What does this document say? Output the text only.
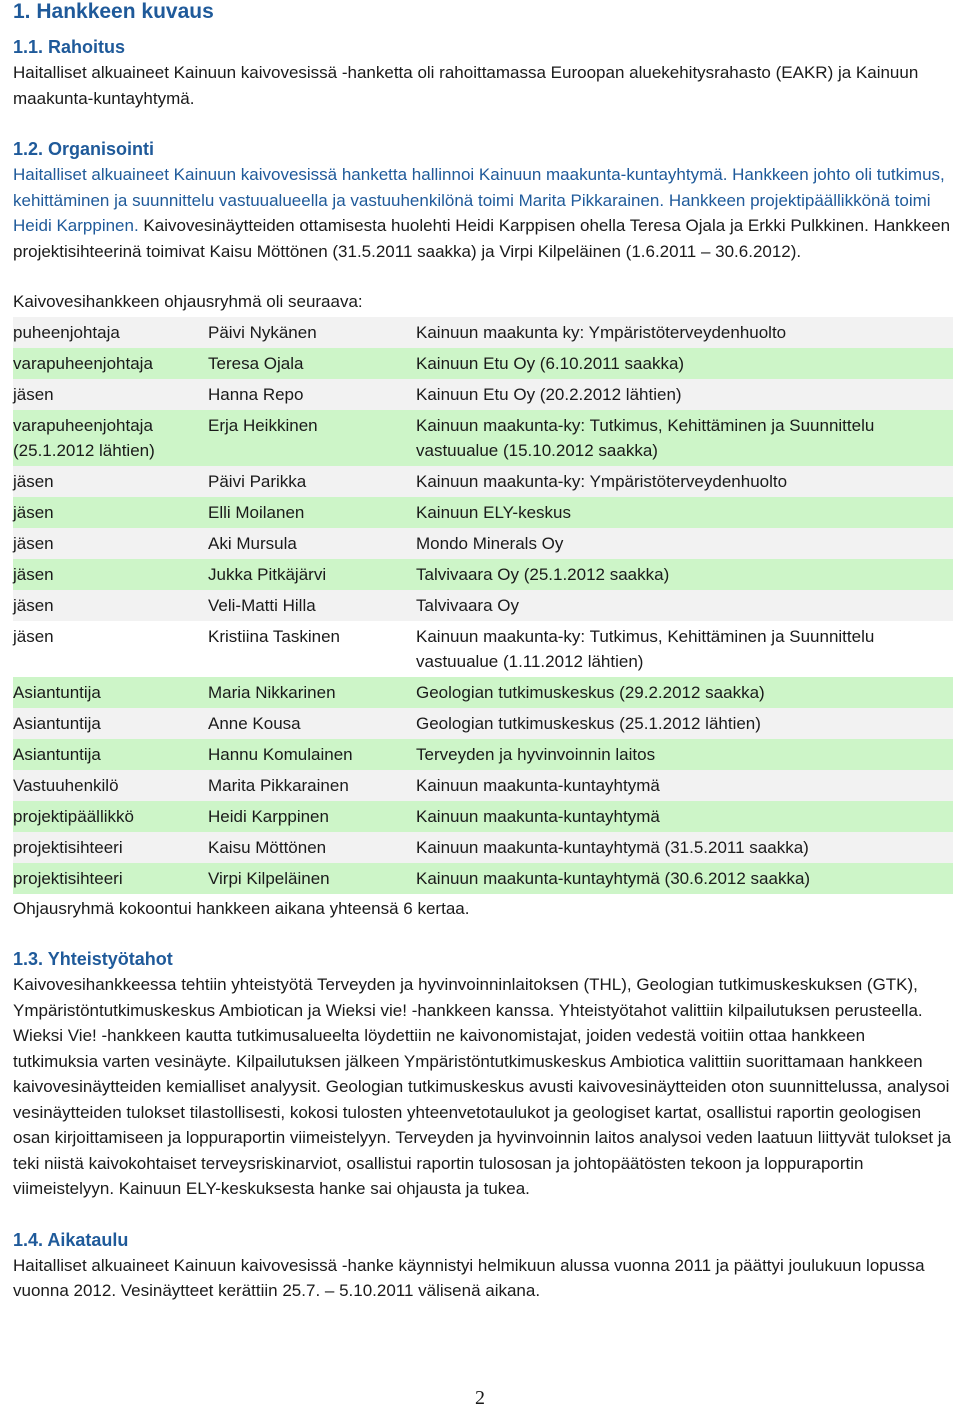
1. Hankkeen kuvaus
1.1. Rahoitus

Haitalliset alkuaineet Kainuun kaivovesissä -hanketta oli rahoittamassa Euroopan aluekehitysrahasto (EAKR) ja Kainuun maakunta-kuntayhtymä.

1.2. Organisointi

Haitalliset alkuaineet Kainuun kaivovesissä hanketta hallinnoi Kainuun maakunta-kuntayhtymä. Hankkeen johto oli tutkimus, kehittäminen ja suunnittelu vastuualueella ja vastuuhenkilönä toimi Marita Pikkarainen. Hankkeen projektipäällikkönä toimi Heidi Karppinen. Kaivovesinäytteiden ottamisesta huolehti Heidi Karppisen ohella Teresa Ojala ja Erkki Pulkkinen. Hankkeen projektisihteerinä toimivat Kaisu Möttönen (31.5.2011 saakka) ja Virpi Kilpeläinen (1.6.2011 – 30.6.2012).

Kaivovesihankkeen ohjausryhmä oli seuraava:

puheenjohtaja	Päivi Nykänen	Kainuun maakunta ky: Ympäristöterveydenhuolto
varapuheenjohtaja	Teresa Ojala	Kainuun Etu Oy (6.10.2011 saakka)
jäsen	Hanna Repo	Kainuun Etu Oy (20.2.2012 lähtien)
varapuheenjohtaja (25.1.2012 lähtien)	Erja Heikkinen	Kainuun maakunta-ky: Tutkimus, Kehittäminen ja Suunnittelu vastuualue (15.10.2012 saakka)
jäsen	Päivi Parikka	Kainuun maakunta-ky: Ympäristöterveydenhuolto
jäsen	Elli Moilanen	Kainuun ELY-keskus
jäsen	Aki Mursula	Mondo Minerals Oy
jäsen	Jukka Pitkäjärvi	Talvivaara Oy (25.1.2012 saakka)
jäsen	Veli-Matti Hilla	Talvivaara Oy
jäsen	Kristiina Taskinen	Kainuun maakunta-ky: Tutkimus, Kehittäminen ja Suunnittelu vastuualue (1.11.2012 lähtien)
Asiantuntija	Maria Nikkarinen	Geologian tutkimuskeskus (29.2.2012 saakka)
Asiantuntija	Anne Kousa	Geologian tutkimuskeskus (25.1.2012 lähtien)
Asiantuntija	Hannu Komulainen	Terveyden ja hyvinvoinnin laitos
Vastuuhenkilö	Marita Pikkarainen	Kainuun maakunta-kuntayhtymä
projektipäällikkö	Heidi Karppinen	Kainuun maakunta-kuntayhtymä
projektisihteeri	Kaisu Möttönen	Kainuun maakunta-kuntayhtymä (31.5.2011 saakka)
projektisihteeri	Virpi Kilpeläinen	Kainuun maakunta-kuntayhtymä (30.6.2012 saakka)

Ohjausryhmä kokoontui hankkeen aikana yhteensä 6 kertaa.

1.3. Yhteistyötahot

Kaivovesihankkeessa tehtiin yhteistyötä Terveyden ja hyvinvoinninlaitoksen (THL), Geologian tutkimuskeskuksen (GTK), Ympäristöntutkimuskeskus Ambiotican ja Wieksi vie! -hankkeen kanssa. Yhteistyötahot valittiin kilpailutuksen perusteella. Wieksi Vie! -hankkeen kautta tutkimusalueelta löydettiin ne kaivonomistajat, joiden vedestä voitiin ottaa hankkeen tutkimuksia varten vesinäyte. Kilpailutuksen jälkeen Ympäristöntutkimuskeskus Ambiotica valittiin suorittamaan hankkeen kaivovesinäytteiden kemialliset analyysit. Geologian tutkimuskeskus avusti kaivovesinäytteiden oton suunnittelussa, analysoi vesinäytteiden tulokset tilastollisesti, kokosi tulosten yhteenvetotaulukot ja geologiset kartat, osallistui raportin geologisen osan kirjoittamiseen ja loppuraportin viimeistelyyn. Terveyden ja hyvinvoinnin laitos analysoi veden laatuun liittyvät tulokset ja teki niistä kaivokohtaiset terveysriskinarviot, osallistui raportin tulososan ja johtopäätösten tekoon ja loppuraportin viimeistelyyn. Kainuun ELY-keskuksesta hanke sai ohjausta ja tukea.

1.4. Aikataulu

Haitalliset alkuaineet Kainuun kaivovesissä -hanke käynnistyi helmikuun alussa vuonna 2011 ja päättyi joulukuun lopussa vuonna 2012. Vesinäytteet kerättiin 25.7. – 5.10.2011 välisenä aikana.

2
